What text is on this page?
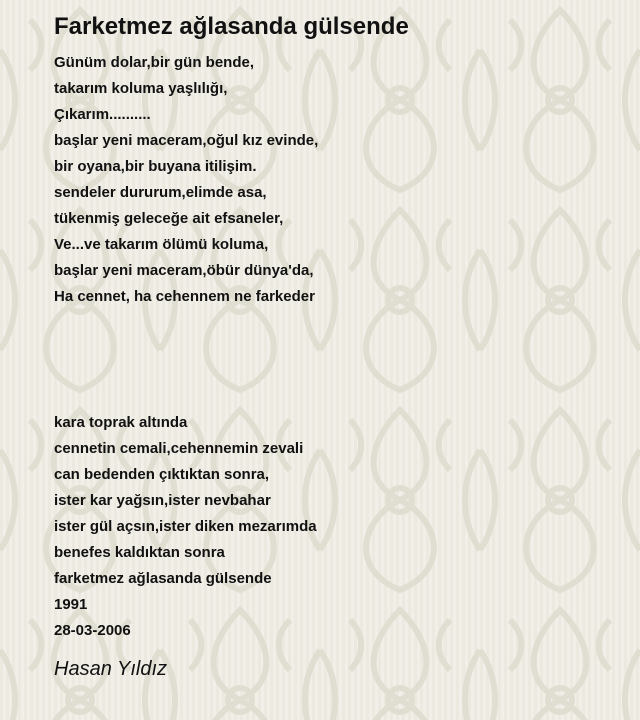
Farketmez ağlasanda gülsende
Günüm dolar,bir gün bende,
takarım koluma yaşlılığı,
Çıkarım..........
başlar yeni maceram,oğul kız evinde,
bir oyana,bir buyana itilişim.
sendeler dururum,elimde asa,
tükenmiş geleceğe ait efsaneler,
Ve...ve takarım ölümü koluma,
başlar yeni maceram,öbür dünya'da,
Ha cennet, ha cehennem ne farkeder
kara toprak altında
cennetin cemali,cehennemin zevali
can bedenden çıktıktan sonra,
ister kar yağsın,ister nevbahar
ister gül açsın,ister diken mezarımda
benefes kaldıktan sonra
farketmez ağlasanda gülsende
1991
28-03-2006
Hasan Yıldız
